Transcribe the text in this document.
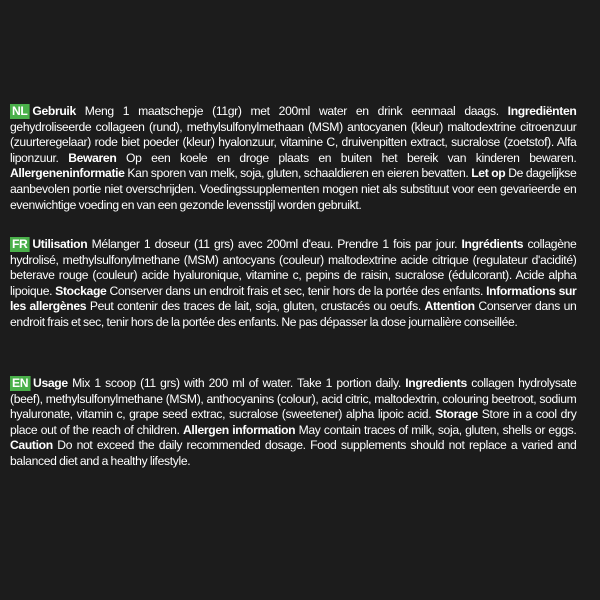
NL Gebruik Meng 1 maatschepje (11gr) met 200ml water en drink eenmaal daags. Ingrediënten gehydroliseerde collageen (rund), methylsulfonylmethaan (MSM) antocyanen (kleur) maltodextrine citroenzuur (zuurteregelaar) rode biet poeder (kleur) hyalonzuur, vitamine C, druivenpitten extract, sucralose (zoetstof). Alfa liponzuur. Bewaren Op een koele en droge plaats en buiten het bereik van kinderen bewaren. Allergeneninformatie Kan sporen van melk, soja, gluten, schaaldieren en eieren bevatten. Let op De dagelijkse aanbevolen portie niet overschrijden. Voedingssupplementen mogen niet als substituut voor een gevarieerde en evenwichtige voeding en van een gezonde levensstijl worden gebruikt.
FR Utilisation Mélanger 1 doseur (11 grs) avec 200ml d'eau. Prendre 1 fois par jour. Ingrédients collagène hydrolisé, methylsulfonylmethane (MSM) antocyans (couleur) maltodextrine acide citrique (regulateur d'acidité) beterave rouge (couleur) acide hyaluronique, vitamine c, pepins de raisin, sucralose (édulcorant). Acide alpha lipoique. Stockage Conserver dans un endroit frais et sec, tenir hors de la portée des enfants. Informations sur les allergènes Peut contenir des traces de lait, soja, gluten, crustacés ou oeufs. Attention Conserver dans un endroit frais et sec, tenir hors de la portée des enfants. Ne pas dépasser la dose journalière conseillée.
EN Usage Mix 1 scoop (11 grs) with 200 ml of water. Take 1 portion daily. Ingredients collagen hydrolysate (beef), methylsulfonylmethane (MSM), anthocyanins (colour), acid citric, maltodextrin, colouring beetroot, sodium hyaluronate, vitamin c, grape seed extrac, sucralose (sweetener) alpha lipoic acid. Storage Store in a cool dry place out of the reach of children. Allergen information May contain traces of milk, soja, gluten, shells or eggs. Caution Do not exceed the daily recommended dosage. Food supplements should not replace a varied and balanced diet and a healthy lifestyle.
